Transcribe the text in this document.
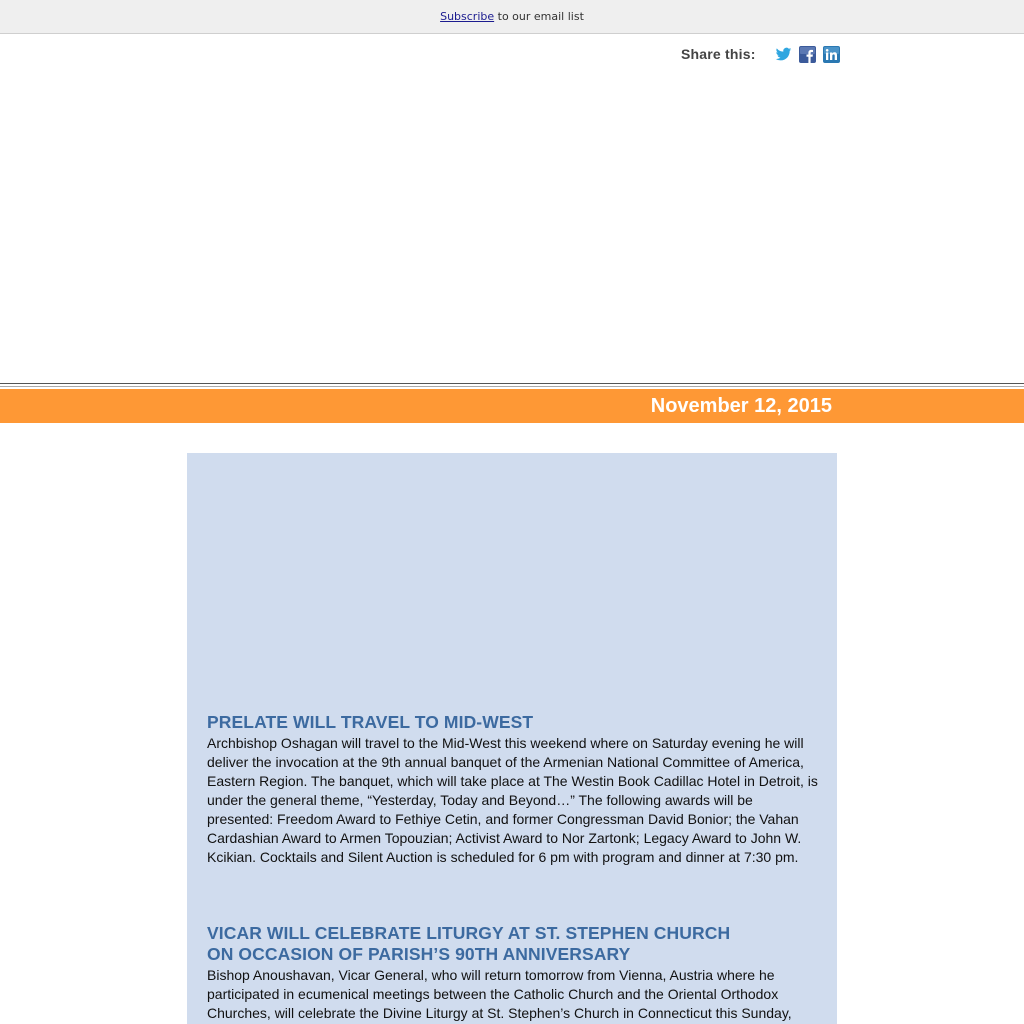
Subscribe to our email list
Share this:
November 12, 2015
PRELATE WILL TRAVEL TO MID-WEST

Archbishop Oshagan will travel to the Mid-West this weekend where on Saturday evening he will deliver the invocation at the 9th annual banquet of the Armenian National Committee of America, Eastern Region. The banquet, which will take place at The Westin Book Cadillac Hotel in Detroit, is under the general theme, “Yesterday, Today and Beyond…” The following awards will be presented: Freedom Award to Fethiye Cetin, and former Congressman David Bonior; the Vahan Cardashian Award to Armen Topouzian; Activist Award to Nor Zartonk; Legacy Award to John W. Kcikian. Cocktails and Silent Auction is scheduled for 6 pm with program and dinner at 7:30 pm.

VICAR WILL CELEBRATE LITURGY AT ST. STEPHEN CHURCH
ON OCCASION OF PARISH’S 90TH ANNIVERSARY

Bishop Anoushavan, Vicar General, who will return tomorrow from Vienna, Austria where he participated in ecumenical meetings between the Catholic Church and the Oriental Orthodox Churches, will celebrate the Divine Liturgy at St. Stephen’s Church in Connecticut this Sunday,
